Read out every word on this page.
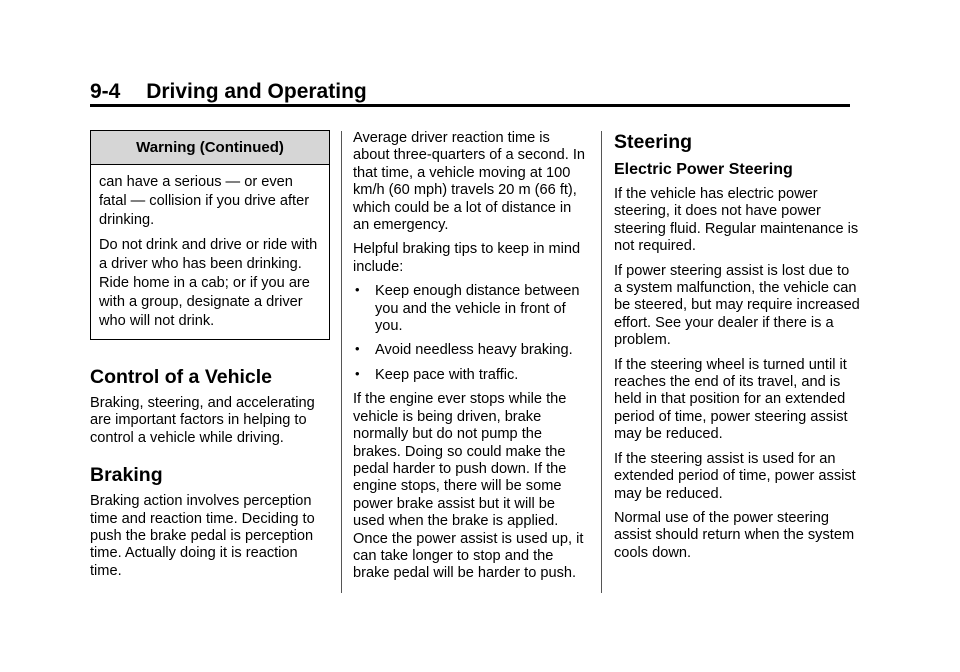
9-4 Driving and Operating
Warning (Continued)

can have a serious — or even fatal — collision if you drive after drinking.

Do not drink and drive or ride with a driver who has been drinking. Ride home in a cab; or if you are with a group, designate a driver who will not drink.

Control of a Vehicle

Braking, steering, and accelerating are important factors in helping to control a vehicle while driving.

Braking

Braking action involves perception time and reaction time. Deciding to push the brake pedal is perception time. Actually doing it is reaction time.

Average driver reaction time is about three-quarters of a second. In that time, a vehicle moving at 100 km/h (60 mph) travels 20 m (66 ft), which could be a lot of distance in an emergency.

Helpful braking tips to keep in mind include:

• Keep enough distance between you and the vehicle in front of you.
• Avoid needless heavy braking.
• Keep pace with traffic.

If the engine ever stops while the vehicle is being driven, brake normally but do not pump the brakes. Doing so could make the pedal harder to push down. If the engine stops, there will be some power brake assist but it will be used when the brake is applied. Once the power assist is used up, it can take longer to stop and the brake pedal will be harder to push.

Steering
Electric Power Steering

If the vehicle has electric power steering, it does not have power steering fluid. Regular maintenance is not required.

If power steering assist is lost due to a system malfunction, the vehicle can be steered, but may require increased effort. See your dealer if there is a problem.

If the steering wheel is turned until it reaches the end of its travel, and is held in that position for an extended period of time, power steering assist may be reduced.

If the steering assist is used for an extended period of time, power assist may be reduced.

Normal use of the power steering assist should return when the system cools down.
